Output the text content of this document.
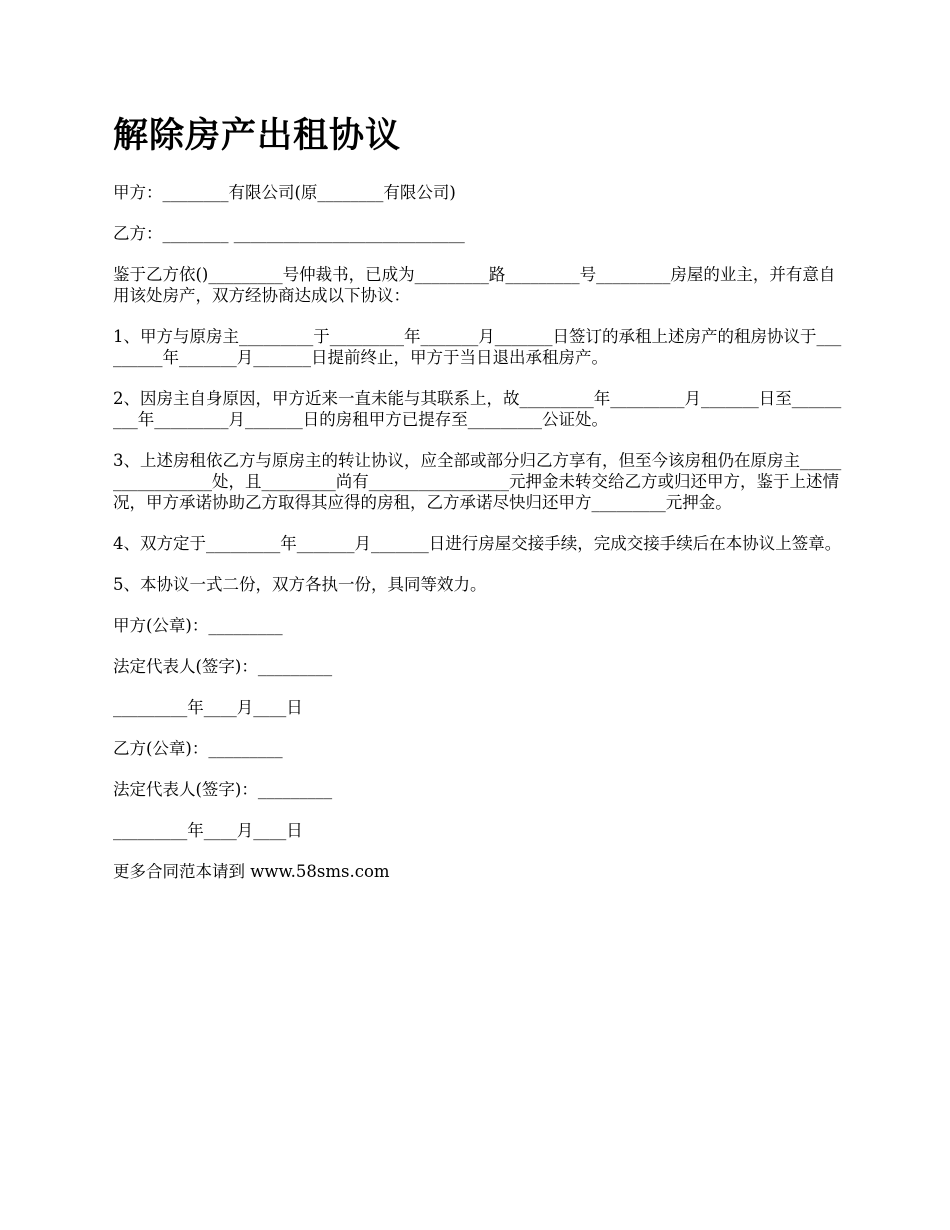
解除房产出租协议

甲方：________有限公司(原________有限公司)

乙方：________ ____________________________

鉴于乙方依()_________号仲裁书，已成为_________路_________号_________房屋的业主，并有意自用该处房产，双方经协商达成以下协议：

1、甲方与原房主_________于_________年_______月_______日签订的承租上述房产的租房协议于_________年_______月_______日提前终止，甲方于当日退出承租房产。

2、因房主自身原因，甲方近来一直未能与其联系上，故_________年_________月_______日至_________年_________月_______日的房租甲方已提存至_________公证处。

3、上述房租依乙方与原房主的转让协议，应全部或部分归乙方享有，但至今该房租仍在原房主_________________处，且_________尚有_________________元押金未转交给乙方或归还甲方，鉴于上述情况，甲方承诺协助乙方取得其应得的房租，乙方承诺尽快归还甲方_________元押金。

4、双方定于_________年_______月_______日进行房屋交接手续，完成交接手续后在本协议上签章。

5、本协议一式二份，双方各执一份，具同等效力。

甲方(公章)：_________

法定代表人(签字)：_________

_________年____月____日

乙方(公章)：_________

法定代表人(签字)：_________

_________年____月____日

更多合同范本请到 www.58sms.com
